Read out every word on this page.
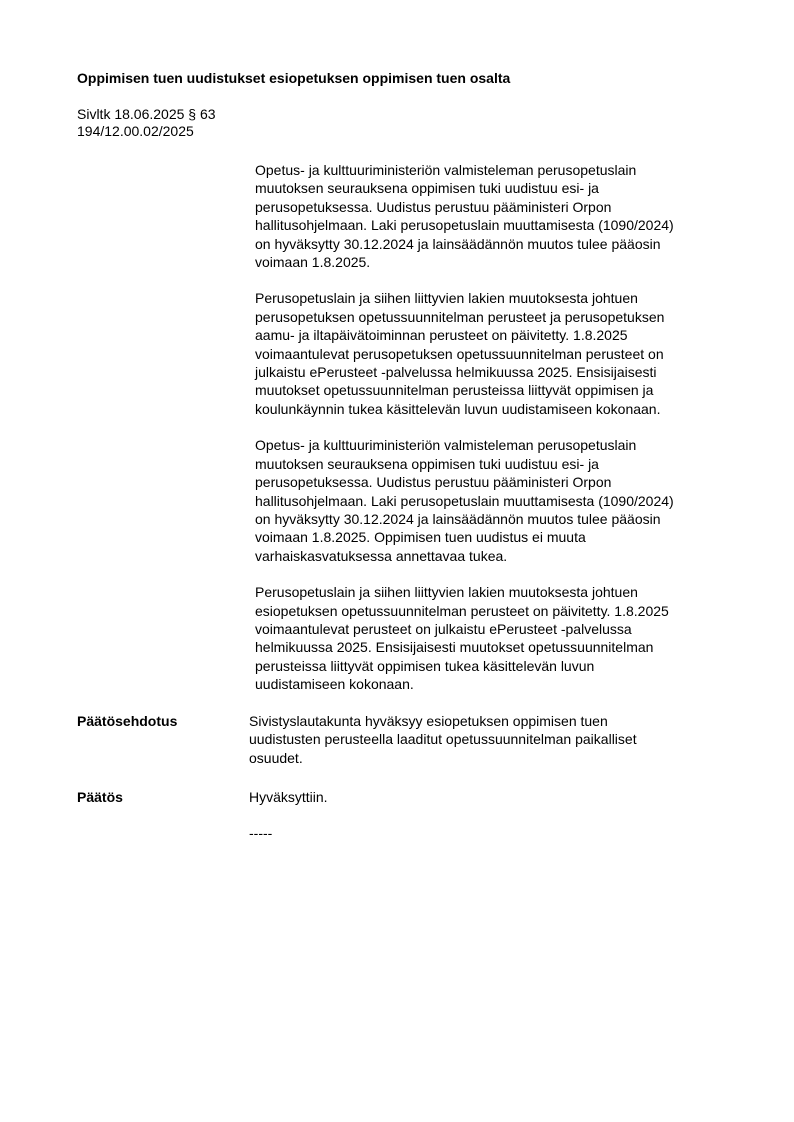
Oppimisen tuen uudistukset esiopetuksen oppimisen tuen osalta
Sivltk 18.06.2025 § 63
194/12.00.02/2025

Opetus- ja kulttuuriministeriön valmisteleman perusopetuslain
muutoksen seurauksena oppimisen tuki uudistuu esi- ja
perusopetuksessa. Uudistus perustuu pääministeri Orpon
hallitusohjelmaan. Laki perusopetuslain muuttamisesta (1090/2024)
on hyväksytty 30.12.2024 ja lainsäädännön muutos tulee pääosin
voimaan 1.8.2025.

Perusopetuslain ja siihen liittyvien lakien muutoksesta johtuen
perusopetuksen opetussuunnitelman perusteet ja perusopetuksen
aamu- ja iltapäivätoiminnan perusteet on päivitetty. 1.8.2025
voimaantulevat perusopetuksen opetussuunnitelman perusteet on
julkaistu ePerusteet -palvelussa helmikuussa 2025. Ensisijaisesti
muutokset opetussuunnitelman perusteissa liittyvät oppimisen ja
koulunkäynnin tukea käsittelevän luvun uudistamiseen kokonaan.

Opetus- ja kulttuuriministeriön valmisteleman perusopetuslain
muutoksen seurauksena oppimisen tuki uudistuu esi- ja
perusopetuksessa. Uudistus perustuu pääministeri Orpon
hallitusohjelmaan. Laki perusopetuslain muuttamisesta (1090/2024)
on hyväksytty 30.12.2024 ja lainsäädännön muutos tulee pääosin
voimaan 1.8.2025. Oppimisen tuen uudistus ei muuta
varhaiskasvatuksessa annettavaa tukea.

Perusopetuslain ja siihen liittyvien lakien muutoksesta johtuen
esiopetuksen opetussuunnitelman perusteet on päivitetty. 1.8.2025
voimaantulevat perusteet on julkaistu ePerusteet -palvelussa
helmikuussa 2025. Ensisijaisesti muutokset opetussuunnitelman
perusteissa liittyvät oppimisen tukea käsittelevän luvun
uudistamiseen kokonaan.

Päätösehdotus	Sivistyslautakunta hyväksyy esiopetuksen oppimisen tuen
uudistusten perusteella laaditut opetussuunnitelman paikalliset
osuudet.
Päätös	Hyväksyttiin.
-----
